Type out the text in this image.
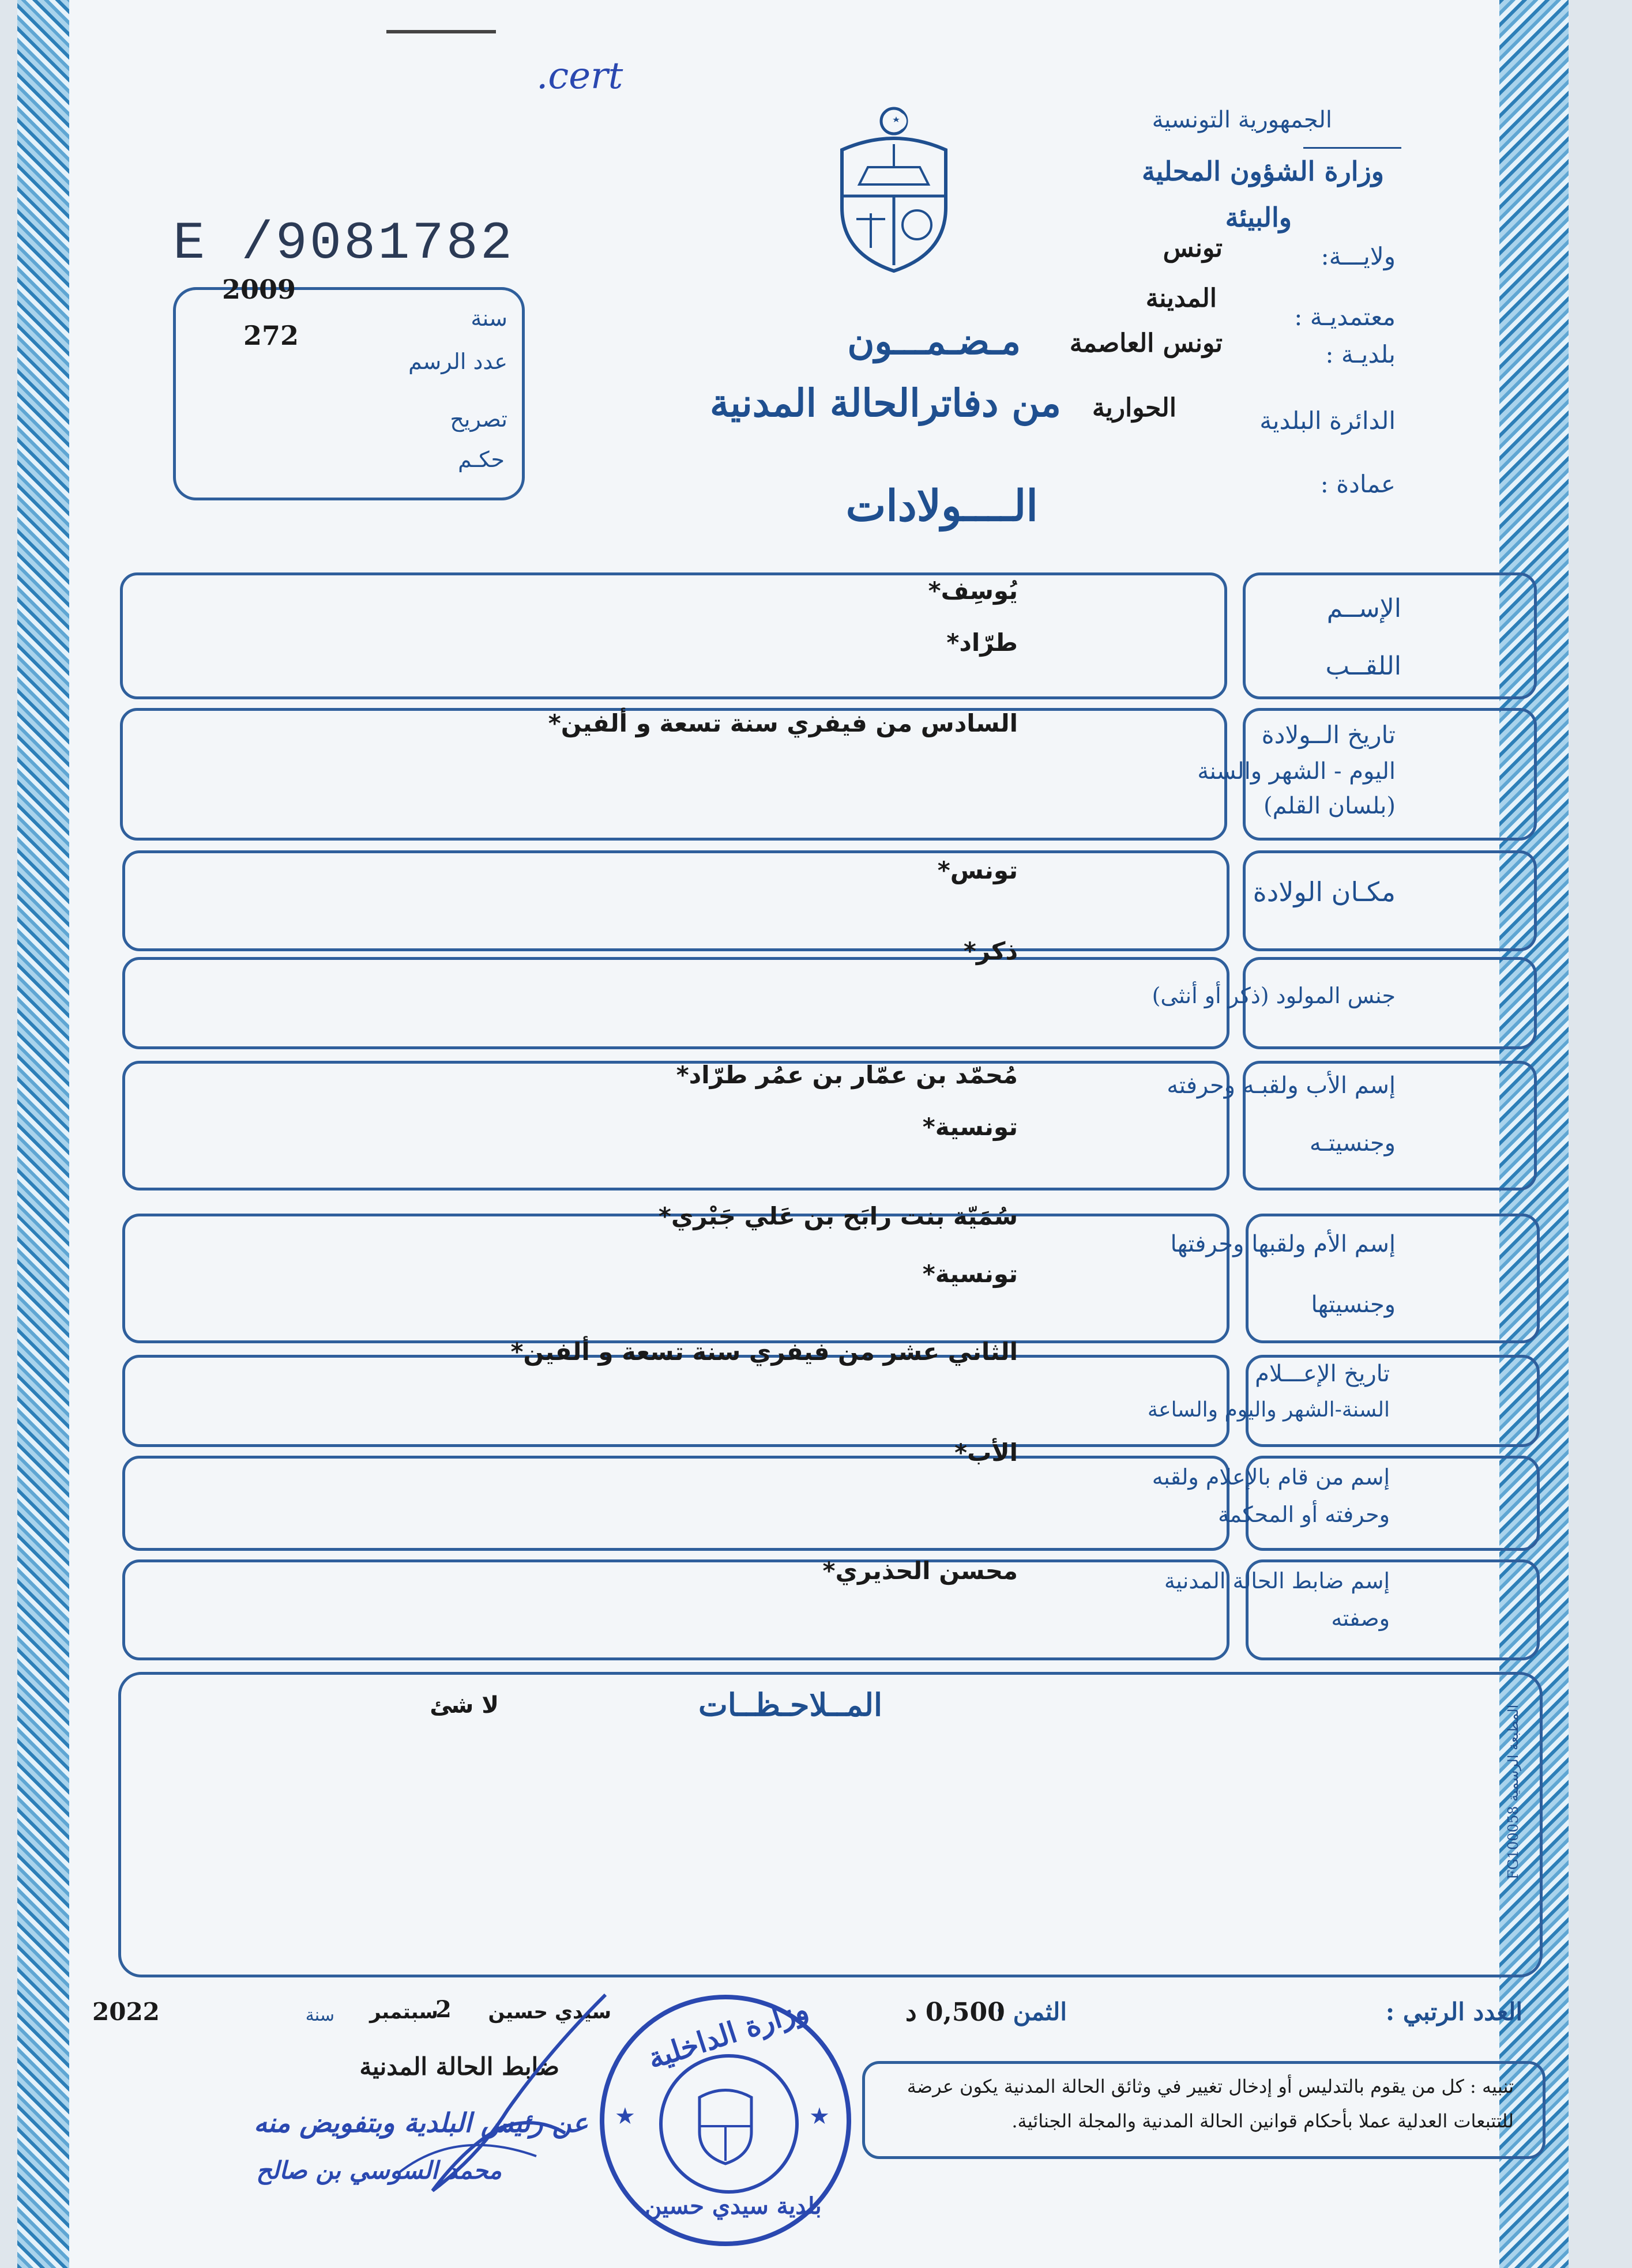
.cert
الجمهورية التونسية
وزارة الشؤون المحلية
والبيئة
ولايـــة:
تونس
معتمديـة :
المدينة
بلديـة :
تونس العاصمة
الدائرة البلدية
الحوارية
عمادة :
مـضـمـــون
من دفاترالحالة المدنية
الــــولادات
E /9081782
2009
272
سنة
عدد الرسم
تصريح
حكـم
الإســم
اللقــب
يُوسِف*
طرّاد*
تاريخ الــولادة
اليوم - الشهر والسنة
(بلسان القلم)
السادس من فيفري سنة تسعة و ألفين*
مكـان الولادة
تونس*
جنس المولود (ذكر أو أنثى)
ذكر*
إسم الأب ولقبـه وحرفته
وجنسيتـه
مُحمّد بن عمّار بن عمُر طرّاد*
تونسية*
إسم الأم ولقبها وحرفتها
وجنسيتها
سُمَيّة بنت رابَح بن عَلي جَبْري*
تونسية*
تاريخ الإعـــلام
السنة-الشهر واليوم والساعة
الثاني عشر من فيفري سنة تسعة و ألفين*
إسم من قام بالإعلام ولقبه
وحرفته أو المحكمة
الأب*
إسم ضابط الحالة المدنية
وصفته
محسن الحذيري*
المــلاحـظــات
لا شئ
المطبعة الرسمية FG100058
العدد الرتبي :
الثمن :
0,500 د
سيدي حسين
2
سبتمبر
سنة
2022
ضابط الحالة المدنية
عن رئيس البلدية وبتفويض منه
محمد السوسي بن صالح
وزارة الداخلية
بلدية سيدي حسين
★	★
تنبيه : كل من يقوم بالتدليس أو إدخال تغيير في وثائق الحالة المدنية يكون عرضة
للتتبعات العدلية عملا بأحكام قوانين الحالة المدنية والمجلة الجنائية.
